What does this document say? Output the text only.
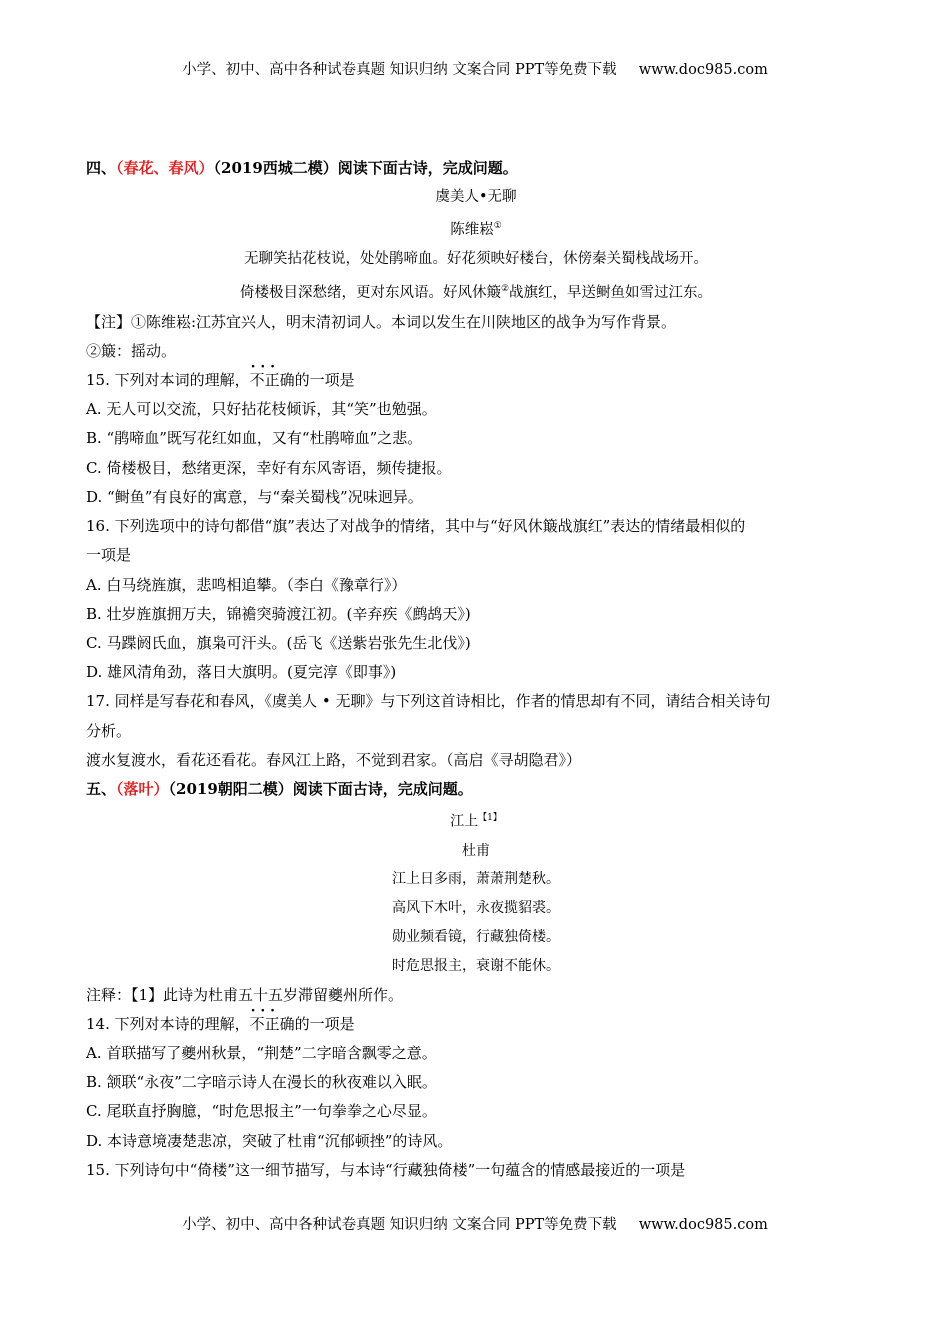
小学、初中、高中各种试卷真题 知识归纳 文案合同 PPT等免费下载 www.doc985.com
四、（春花、春风）（2019西城二模）阅读下面古诗，完成问题。
虞美人•无聊
陈维崧①
无聊笑拈花枝说，处处鹃啼血。好花须映好楼台，休傍秦关蜀栈战场开。
倚楼极目深愁绪，更对东风语。好风休簸②战旗红，早送鲥鱼如雪过江东。
【注】①陈维崧:江苏宜兴人，明末清初词人。本词以发生在川陕地区的战争为写作背景。
②簸：摇动。
15. 下列对本词的理解，· · · 不正确的一项是
A. 无人可以交流，只好拈花枝倾诉，其“笑”也勉强。
B. “鹃啼血”既写花红如血，又有“杜鹃啼血”之悲。
C. 倚楼极目，愁绪更深，幸好有东风寄语，频传捷报。
D. “鲥鱼”有良好的寓意，与“秦关蜀栈”况味迥异。
16. 下列选项中的诗句都借“旗”表达了对战争的情绪，其中与“好风休簸战旗红”表达的情绪最相似的
一项是
A. 白马绕旌旗，悲鸣相追攀。（李白《豫章行》）
B. 壮岁旌旗拥万夫，锦襜突骑渡江初。(辛弃疾《鹧鸪天》)
C. 马蹀阏氏血，旗枭可汗头。(岳飞《送紫岩张先生北伐》)
D. 雄风清角劲，落日大旗明。(夏完淳《即事》)
17. 同样是写春花和春风，《虞美人 • 无聊》与下列这首诗相比，作者的情思却有不同，请结合相关诗句
分析。
渡水复渡水，看花还看花。春风江上路，不觉到君家。（高启《寻胡隐君》）
五、（落叶）（2019朝阳二模）阅读下面古诗，完成问题。
江上$^{【1】}$
杜甫
江上日多雨，萧萧荆楚秋。
高风下木叶，永夜揽貂裘。
勋业频看镜，行藏独倚楼。
时危思报主，衰谢不能休。
注释：【1】此诗为杜甫五十五岁滞留夔州所作。
14. 下列对本诗的理解，· · · 不正确的一项是
A. 首联描写了夔州秋景，“荆楚”二字暗含飘零之意。
B. 颔联“永夜”二字暗示诗人在漫长的秋夜难以入眠。
C. 尾联直抒胸臆，“时危思报主”一句拳拳之心尽显。
D. 本诗意境凄楚悲凉，突破了杜甫“沉郁顿挫”的诗风。
15. 下列诗句中“倚楼”这一细节描写，与本诗“行藏独倚楼”一句蕴含的情感最接近的一项是
小学、初中、高中各种试卷真题 知识归纳 文案合同 PPT等免费下载 www.doc985.com
